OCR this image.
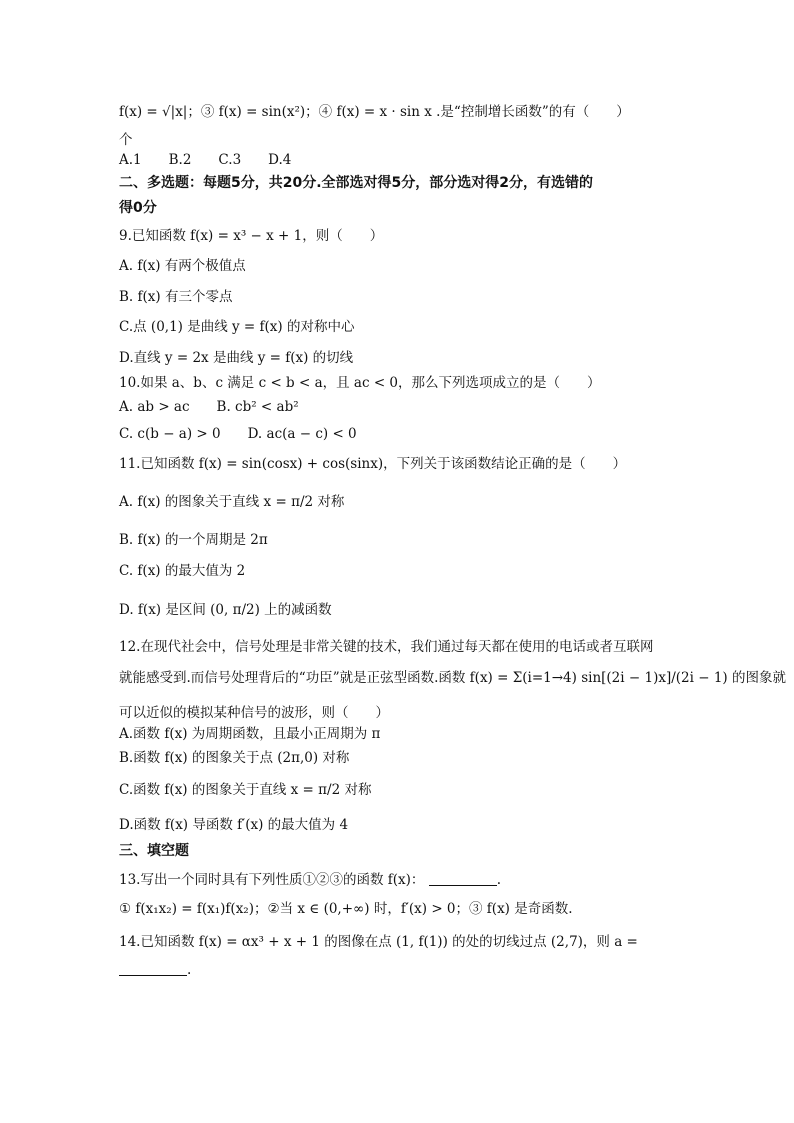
f(x) = √|x|；③ f(x) = sin(x²)；④ f(x) = x · sin x .是“控制增长函数”的有（　　）
个
A.1　　B.2　　C.3　　D.4
二、多选题：每题5分，共20分.全部选对得5分，部分选对得2分，有选错的
得0分
9.已知函数 f(x) = x³ − x + 1，则（　　）
A. f(x) 有两个极值点
B. f(x) 有三个零点
C.点 (0,1) 是曲线 y = f(x) 的对称中心
D.直线 y = 2x 是曲线 y = f(x) 的切线
10.如果 a、b、c 满足 c < b < a，且 ac < 0，那么下列选项成立的是（　　）
A. ab > ac　　B. cb² < ab²
C. c(b − a) > 0　　D. ac(a − c) < 0
11.已知函数 f(x) = sin(cosx) + cos(sinx)，下列关于该函数结论正确的是（　　）
A. f(x) 的图象关于直线 x = π/2 对称
B. f(x) 的一个周期是 2π
C. f(x) 的最大值为 2
D. f(x) 是区间 (0, π/2) 上的减函数
12.在现代社会中，信号处理是非常关键的技术，我们通过每天都在使用的电话或者互联网
就能感受到.而信号处理背后的“功臣”就是正弦型函数.函数 f(x) = Σ(i=1→4) sin[(2i − 1)x]/(2i − 1) 的图象就
可以近似的模拟某种信号的波形，则（　　）
A.函数 f(x) 为周期函数，且最小正周期为 π
B.函数 f(x) 的图象关于点 (2π,0) 对称
C.函数 f(x) 的图象关于直线 x = π/2 对称
D.函数 f(x) 导函数 f′(x) 的最大值为 4
三、填空题
13.写出一个同时具有下列性质①②③的函数 f(x)：	.
① f(x₁x₂) = f(x₁)f(x₂)；②当 x ∈ (0,+∞) 时，f′(x) > 0；③ f(x) 是奇函数.
14.已知函数 f(x) = αx³ + x + 1 的图像在点 (1, f(1)) 的处的切线过点 (2,7)，则 a =
.
